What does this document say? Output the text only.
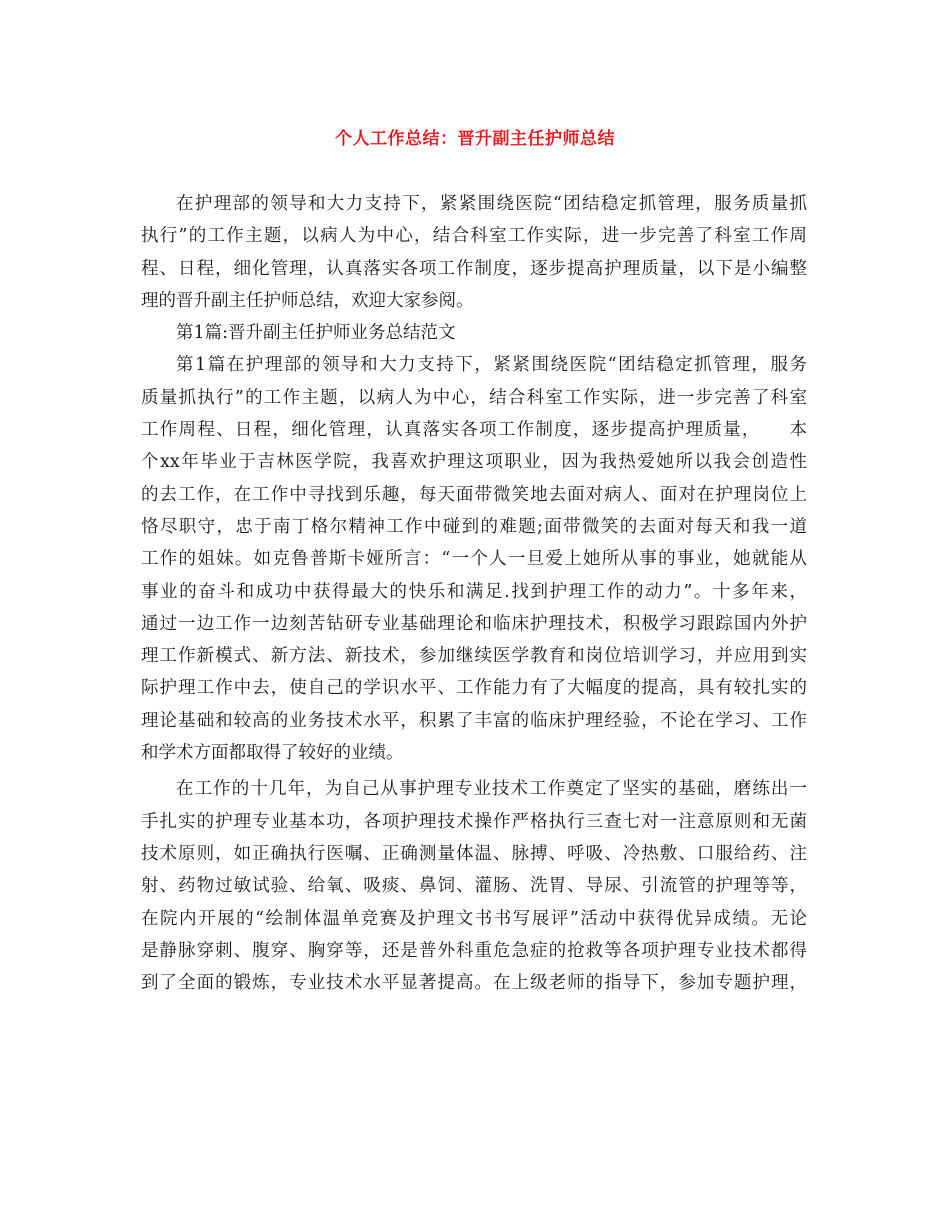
个人工作总结：晋升副主任护师总结
在护理部的领导和大力支持下，紧紧围绕医院“团结稳定抓管理，服务质量抓
执行”的工作主题，以病人为中心，结合科室工作实际，进一步完善了科室工作周
程、日程，细化管理，认真落实各项工作制度，逐步提高护理质量，以下是小编整
理的晋升副主任护师总结，欢迎大家参阅。
第1篇:晋升副主任护师业务总结范文
第1篇在护理部的领导和大力支持下，紧紧围绕医院“团结稳定抓管理，服务
质量抓执行”的工作主题，以病人为中心，结合科室工作实际，进一步完善了科室
工作周程、日程，细化管理，认真落实各项工作制度，逐步提高护理质量，　　本
个xx年毕业于吉林医学院，我喜欢护理这项职业，因为我热爱她所以我会创造性
的去工作，在工作中寻找到乐趣，每天面带微笑地去面对病人、面对在护理岗位上
恪尽职守，忠于南丁格尔精神工作中碰到的难题;面带微笑的去面对每天和我一道
工作的姐妹。如克鲁普斯卡娅所言：“一个人一旦爱上她所从事的事业，她就能从
事业的奋斗和成功中获得最大的快乐和满足.找到护理工作的动力”。十多年来，
通过一边工作一边刻苦钻研专业基础理论和临床护理技术，积极学习跟踪国内外护
理工作新模式、新方法、新技术，参加继续医学教育和岗位培训学习，并应用到实
际护理工作中去，使自己的学识水平、工作能力有了大幅度的提高，具有较扎实的
理论基础和较高的业务技术水平，积累了丰富的临床护理经验，不论在学习、工作
和学术方面都取得了较好的业绩。
在工作的十几年，为自己从事护理专业技术工作奠定了坚实的基础，磨练出一
手扎实的护理专业基本功，各项护理技术操作严格执行三查七对一注意原则和无菌
技术原则，如正确执行医嘱、正确测量体温、脉搏、呼吸、冷热敷、口服给药、注
射、药物过敏试验、给氧、吸痰、鼻饲、灌肠、洗胃、导尿、引流管的护理等等，
在院内开展的“绘制体温单竞赛及护理文书书写展评”活动中获得优异成绩。无论
是静脉穿刺、腹穿、胸穿等，还是普外科重危急症的抢救等各项护理专业技术都得
到了全面的锻炼，专业技术水平显著提高。在上级老师的指导下，参加专题护理，
